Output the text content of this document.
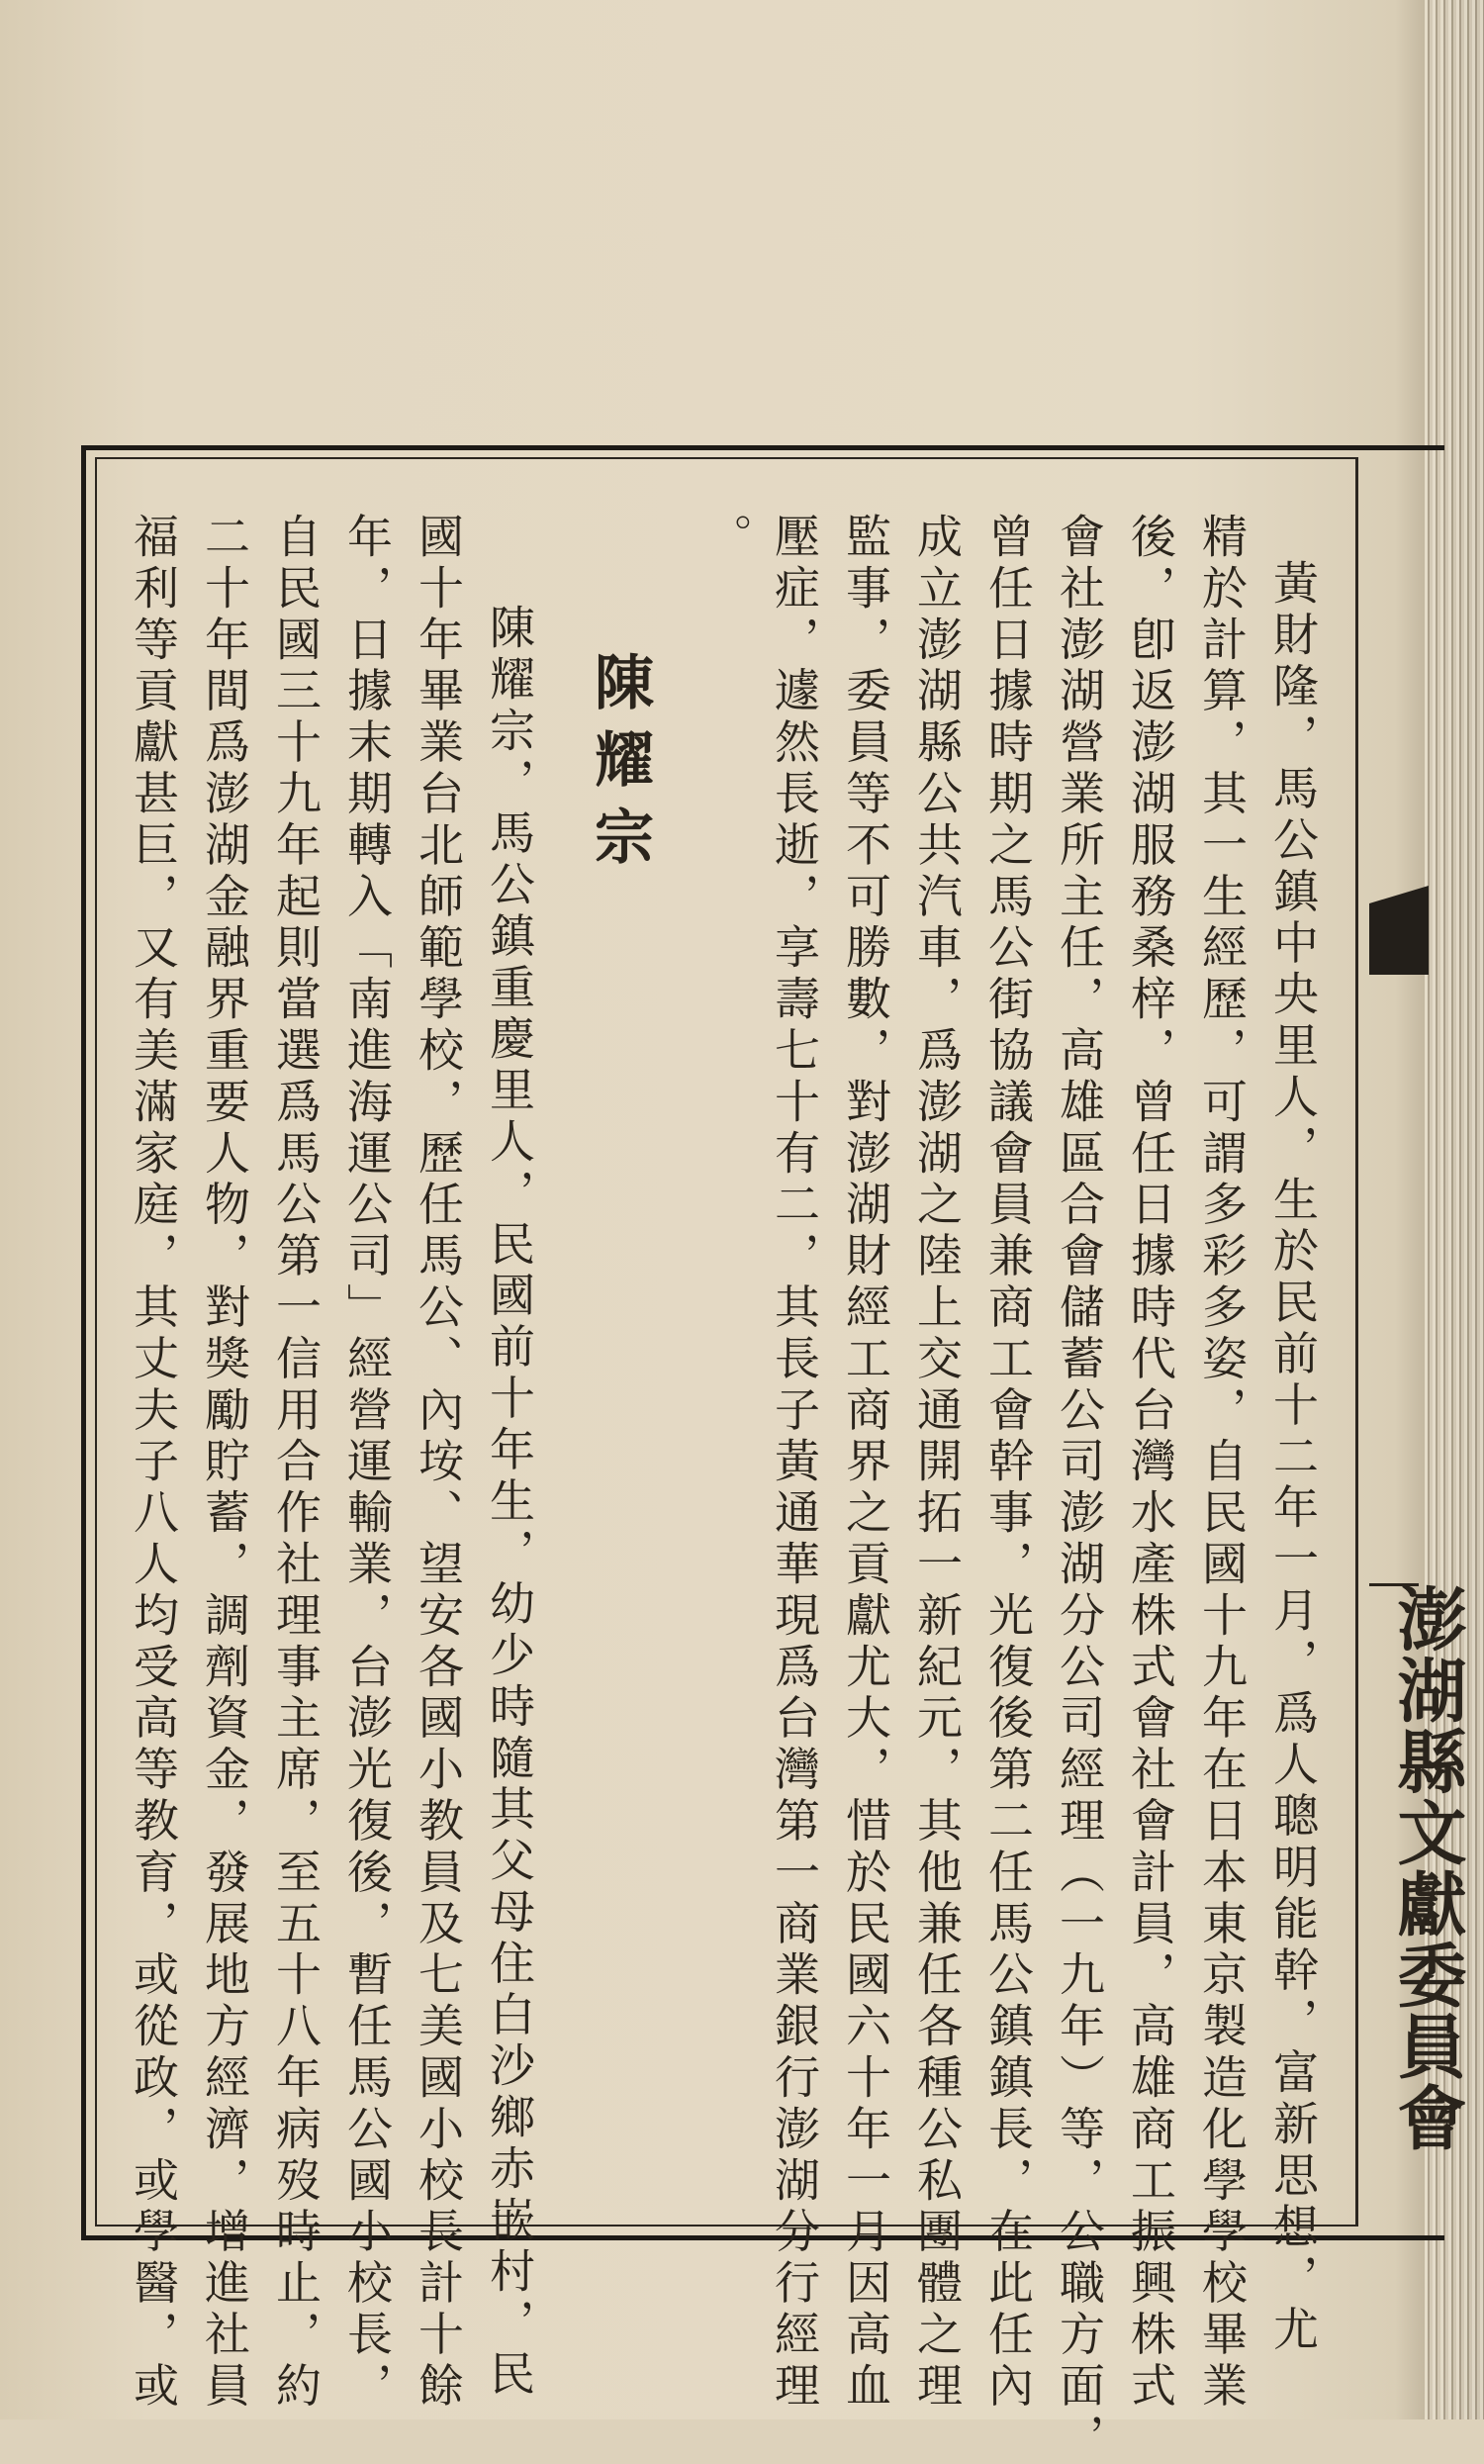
澎湖縣文獻委員會
黃財隆，馬公鎮中央里人，生於民前十二年一月，爲人聰明能幹，富新思想，尤
精於計算，其一生經歷，可謂多彩多姿，自民國十九年在日本東京製造化學學校畢業
後，卽返澎湖服務桑梓，曾任日據時代台灣水產株式會社會計員，高雄商工振興株式
會社澎湖營業所主任，高雄區合會儲蓄公司澎湖分公司經理（一九年）等，公職方面，
曾任日據時期之馬公街協議會員兼商工會幹事，光復後第二任馬公鎮鎮長，在此任內
成立澎湖縣公共汽車，爲澎湖之陸上交通開拓一新紀元，其他兼任各種公私團體之理
監事，委員等不可勝數，對澎湖財經工商界之貢獻尤大，惜於民國六十年一月因高血
壓症，遽然長逝，享壽七十有二，其長子黃通華現爲台灣第一商業銀行澎湖分行經理
。
陳耀宗
陳耀宗，馬公鎮重慶里人，民國前十年生，幼少時隨其父母住白沙鄉赤嵌村，民
國十年畢業台北師範學校，歷任馬公、內垵、望安各國小教員及七美國小校長計十餘
年，日據末期轉入「南進海運公司」經營運輸業，台澎光復後，暫任馬公國小校長，
自民國三十九年起則當選爲馬公第一信用合作社理事主席，至五十八年病歿時止，約
二十年間爲澎湖金融界重要人物，對獎勵貯蓄，調劑資金，發展地方經濟，增進社員
福利等貢獻甚巨，又有美滿家庭，其丈夫子八人均受高等教育，或從政，或學醫，或
